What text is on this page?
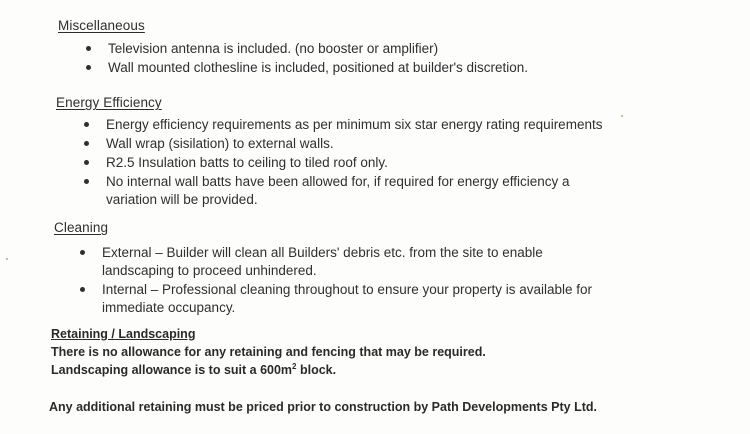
Miscellaneous
Television antenna is included. (no booster or amplifier)
Wall mounted clothesline is included, positioned at builder's discretion.
Energy Efficiency
Energy efficiency requirements as per minimum six star energy rating requirements
Wall wrap (sisilation) to external walls.
R2.5 Insulation batts to ceiling to tiled roof only.
No internal wall batts have been allowed for, if required for energy efficiency a variation will be provided.
Cleaning
External – Builder will clean all Builders' debris etc. from the site to enable landscaping to proceed unhindered.
Internal – Professional cleaning throughout to ensure your property is available for immediate occupancy.
Retaining / Landscaping
There is no allowance for any retaining and fencing that may be required.
Landscaping allowance is to suit a $600m^2$ block.
Any additional retaining must be priced prior to construction by Path Developments Pty Ltd.
